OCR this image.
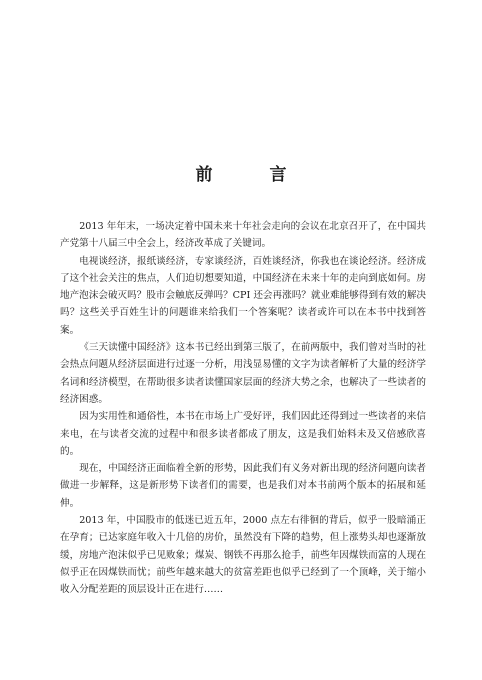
前　言

2013 年年末，一场决定着中国未来十年社会走向的会议在北京召开了，在中国共产党第十八届三中全会上，经济改革成了关键词。

电视谈经济，报纸谈经济，专家谈经济，百姓谈经济，你我也在谈论经济。经济成了这个社会关注的焦点，人们迫切想要知道，中国经济在未来十年的走向到底如何。房地产泡沫会破灭吗？股市会触底反弹吗？CPI 还会再涨吗？就业难能够得到有效的解决吗？这些关乎百姓生计的问题谁来给我们一个答案呢？读者或许可以在本书中找到答案。

《三天读懂中国经济》这本书已经出到第三版了，在前两版中，我们曾对当时的社会热点问题从经济层面进行过逐一分析，用浅显易懂的文字为读者解析了大量的经济学名词和经济模型，在帮助很多读者读懂国家层面的经济大势之余，也解决了一些读者的经济困惑。

因为实用性和通俗性，本书在市场上广受好评，我们因此还得到过一些读者的来信来电，在与读者交流的过程中和很多读者都成了朋友，这是我们始料未及又倍感欣喜的。

现在，中国经济正面临着全新的形势，因此我们有义务对新出现的经济问题向读者做进一步解释，这是新形势下读者们的需要，也是我们对本书前两个版本的拓展和延伸。

2013 年，中国股市的低迷已近五年，2000 点左右徘徊的背后，似乎一股暗涌正在孕育；已达家庭年收入十几倍的房价，虽然没有下降的趋势，但上涨势头却也逐渐放缓，房地产泡沫似乎已见败象；煤炭、钢铁不再那么抢手，前些年因煤铁而富的人现在似乎正在因煤铁而忧；前些年越来越大的贫富差距也似乎已经到了一个顶峰，关于缩小收入分配差距的顶层设计正在进行……
